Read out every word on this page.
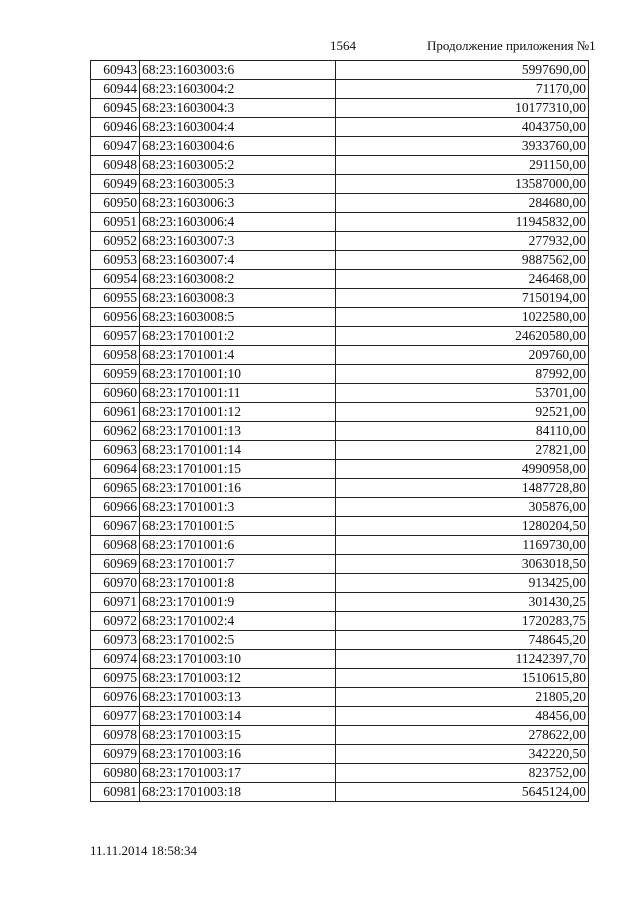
1564	Продолжение приложения №1
60943	68:23:1603003:6	5997690,00
60944	68:23:1603004:2	71170,00
60945	68:23:1603004:3	10177310,00
60946	68:23:1603004:4	4043750,00
60947	68:23:1603004:6	3933760,00
60948	68:23:1603005:2	291150,00
60949	68:23:1603005:3	13587000,00
60950	68:23:1603006:3	284680,00
60951	68:23:1603006:4	11945832,00
60952	68:23:1603007:3	277932,00
60953	68:23:1603007:4	9887562,00
60954	68:23:1603008:2	246468,00
60955	68:23:1603008:3	7150194,00
60956	68:23:1603008:5	1022580,00
60957	68:23:1701001:2	24620580,00
60958	68:23:1701001:4	209760,00
60959	68:23:1701001:10	87992,00
60960	68:23:1701001:11	53701,00
60961	68:23:1701001:12	92521,00
60962	68:23:1701001:13	84110,00
60963	68:23:1701001:14	27821,00
60964	68:23:1701001:15	4990958,00
60965	68:23:1701001:16	1487728,80
60966	68:23:1701001:3	305876,00
60967	68:23:1701001:5	1280204,50
60968	68:23:1701001:6	1169730,00
60969	68:23:1701001:7	3063018,50
60970	68:23:1701001:8	913425,00
60971	68:23:1701001:9	301430,25
60972	68:23:1701002:4	1720283,75
60973	68:23:1701002:5	748645,20
60974	68:23:1701003:10	11242397,70
60975	68:23:1701003:12	1510615,80
60976	68:23:1701003:13	21805,20
60977	68:23:1701003:14	48456,00
60978	68:23:1701003:15	278622,00
60979	68:23:1701003:16	342220,50
60980	68:23:1701003:17	823752,00
60981	68:23:1701003:18	5645124,00
11.11.2014 18:58:34
